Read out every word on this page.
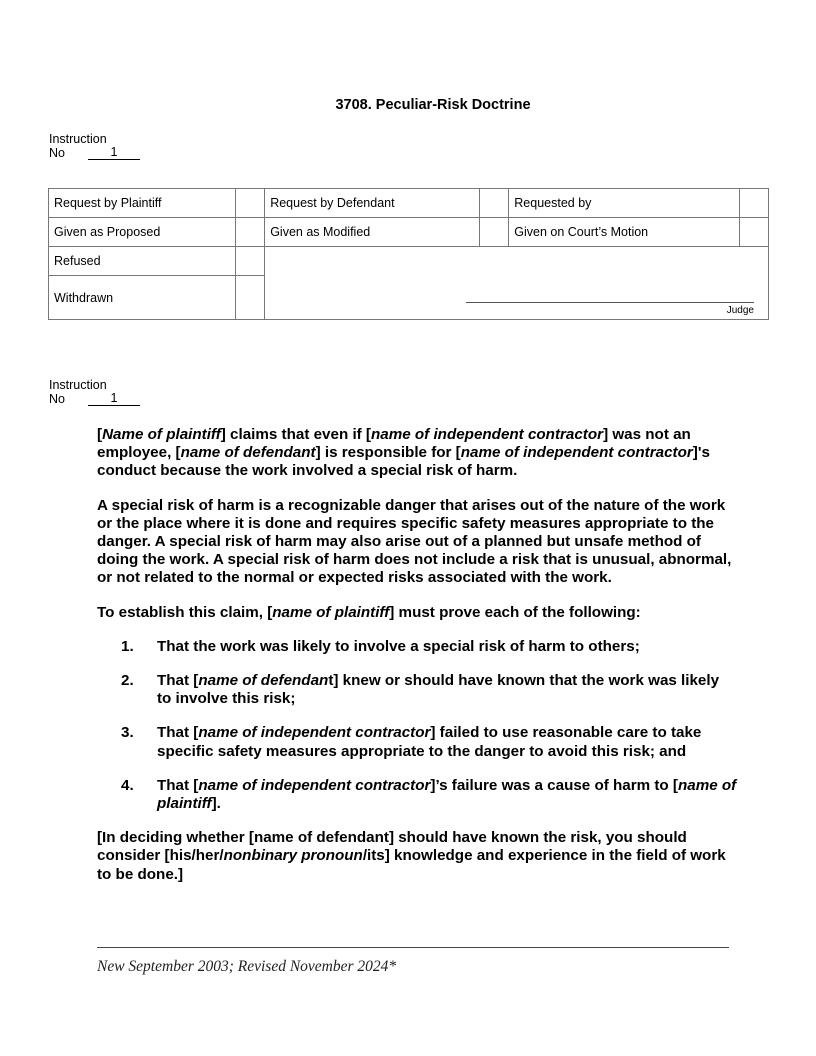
3708. Peculiar-Risk Doctrine
Instruction
No	1
Request by Plaintiff		Request by Defendant		Requested by	
Given as Proposed		Given as Modified		Given on Court’s Motion	
Refused		Judge			

Withdrawn					
Instruction
No	1

[Name of plaintiff] claims that even if [name of independent contractor] was not an employee, [name of defendant] is responsible for [name of independent contractor]'s conduct because the work involved a special risk of harm.

A special risk of harm is a recognizable danger that arises out of the nature of the work or the place where it is done and requires specific safety measures appropriate to the danger. A special risk of harm may also arise out of a planned but unsafe method of doing the work. A special risk of harm does not include a risk that is unusual, abnormal, or not related to the normal or expected risks associated with the work.

To establish this claim, [name of plaintiff] must prove each of the following:

1.	That the work was likely to involve a special risk of harm to others;
2.	That [name of defendant] knew or should have known that the work was likely to involve this risk;
3.	That [name of independent contractor] failed to use reasonable care to take specific safety measures appropriate to the danger to avoid this risk; and
4.	That [name of independent contractor]’s failure was a cause of harm to [name of plaintiff].

[In deciding whether [name of defendant] should have known the risk, you should consider [his/her/nonbinary pronoun/its] knowledge and experience in the field of work to be done.]

New September 2003; Revised November 2024*
